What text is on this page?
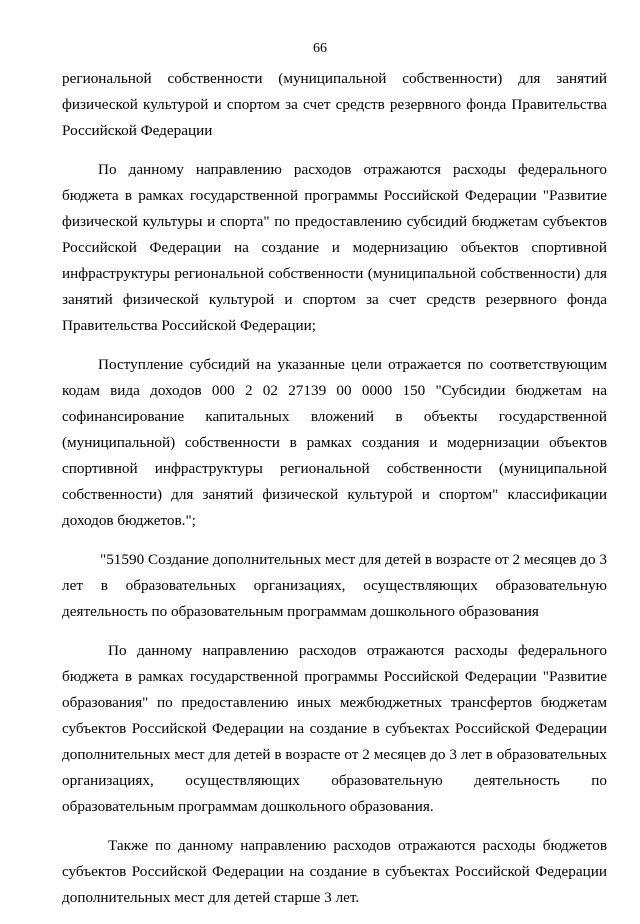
66

региональной собственности (муниципальной собственности) для занятий физической культурой и спортом за счет средств резервного фонда Правительства Российской Федерации

По данному направлению расходов отражаются расходы федерального бюджета в рамках государственной программы Российской Федерации "Развитие физической культуры и спорта" по предоставлению субсидий бюджетам субъектов Российской Федерации на создание и модернизацию объектов спортивной инфраструктуры региональной собственности (муниципальной собственности) для занятий физической культурой и спортом за счет средств резервного фонда Правительства Российской Федерации;

Поступление субсидий на указанные цели отражается по соответствующим кодам вида доходов 000 2 02 27139 00 0000 150 "Субсидии бюджетам на софинансирование капитальных вложений в объекты государственной (муниципальной) собственности в рамках создания и модернизации объектов спортивной инфраструктуры региональной собственности (муниципальной собственности) для занятий физической культурой и спортом" классификации доходов бюджетов.";

"51590 Создание дополнительных мест для детей в возрасте от 2 месяцев до 3 лет в образовательных организациях, осуществляющих образовательную деятельность по образовательным программам дошкольного образования

По данному направлению расходов отражаются расходы федерального бюджета в рамках государственной программы Российской Федерации "Развитие образования" по предоставлению иных межбюджетных трансфертов бюджетам субъектов Российской Федерации на создание в субъектах Российской Федерации дополнительных мест для детей в возрасте от 2 месяцев до 3 лет в образовательных организациях, осуществляющих образовательную деятельность по образовательным программам дошкольного образования.

Также по данному направлению расходов отражаются расходы бюджетов субъектов Российской Федерации на создание в субъектах Российской Федерации дополнительных мест для детей старше 3 лет.
